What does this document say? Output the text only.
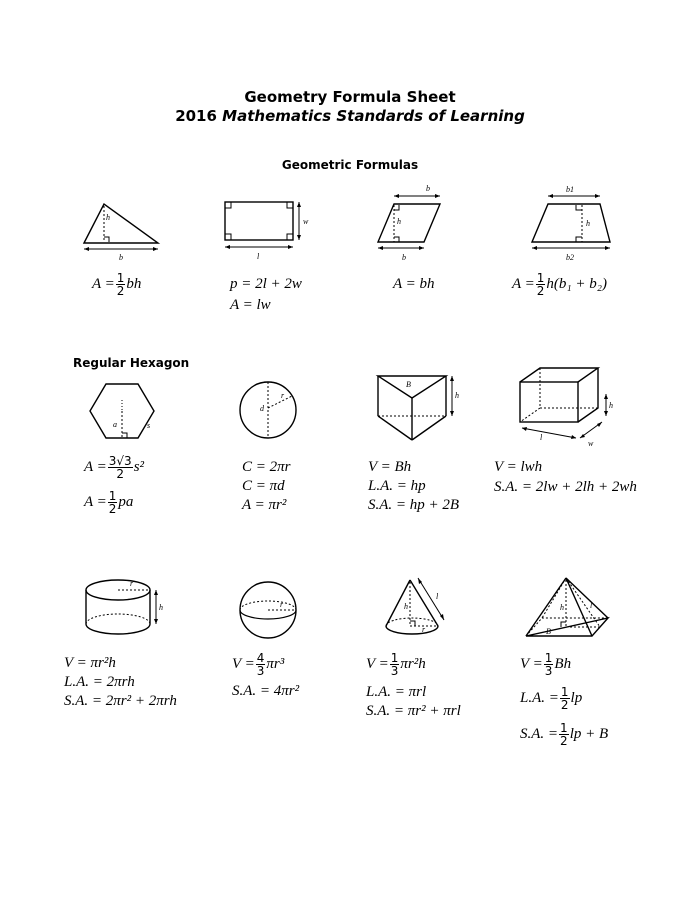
Geometry Formula Sheet
2016 Mathematics Standards of Learning
Geometric Formulas
Regular Hexagon
h
b
w
l
b
h
b
b1
h
b2
$A = \frac{1}{2}$ bh	p = 2l + 2w
A = lw
A = bh	$A = \frac{1}{2} h(b_1 + b_2)$
a	s
d
r
B
h
h
l
w
$A = \frac{3√3}{2} s^2$
$A = \frac{1}{2}$ pa
C = 2πr
C = πd
A = πr²
V = Bh
L.A. = hp
S.A. = hp + 2B
V = lwh
S.A. = 2lw + 2lh + 2wh
r
h	r	h
l
r	B
h	l
V = πr²h
L.A. = 2πrh
S.A. = 2πr² + 2πrh
$V = \frac{4}{3} \pi r^3$
S.A. = 4πr²
$V = \frac{1}{3} \pi r^2h$
L.A. = πrl
S.A. = πr² + πrl
$V = \frac{1}{3}$ Bh
L.A. = $\frac{1}{2}$ lp
S.A. = $\frac{1}{2}$ lp + B
